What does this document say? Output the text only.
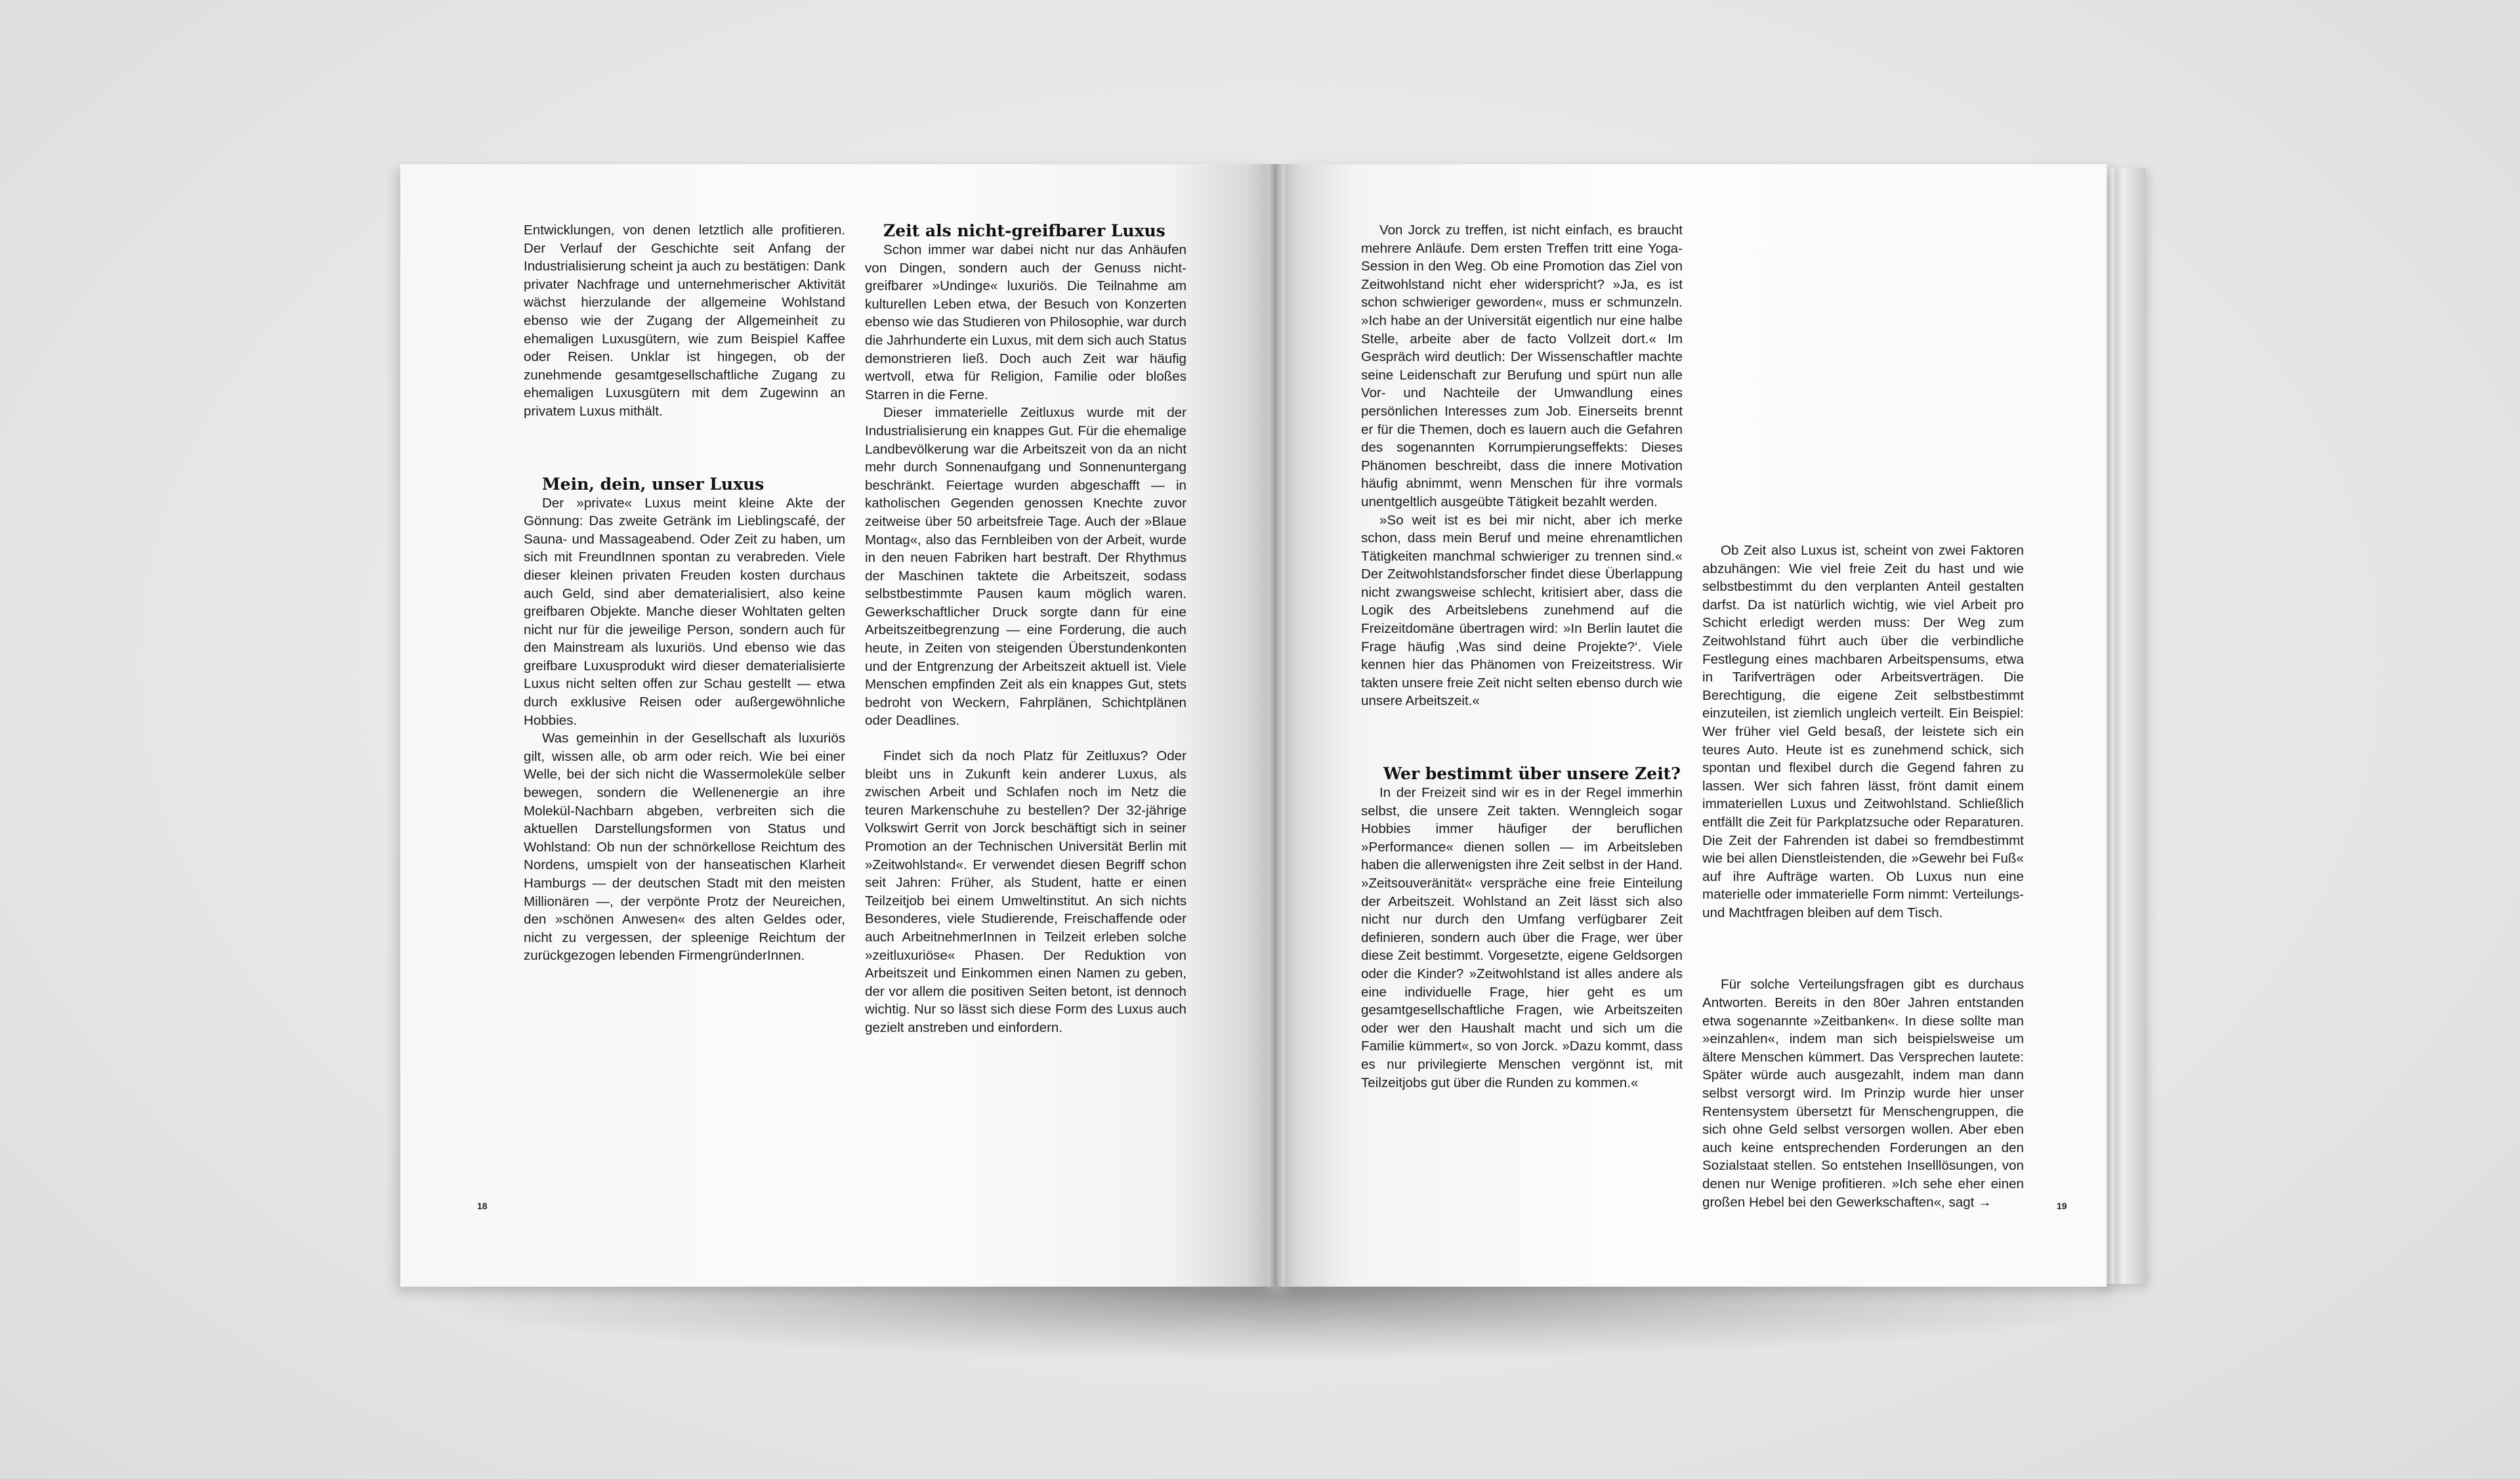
Entwicklungen, von denen letztlich alle profitieren. Der Verlauf der Geschichte seit Anfang der Industrialisierung scheint ja auch zu bestätigen: Dank privater Nachfrage und unternehmerischer Aktivität wächst hierzulande der allgemeine Wohlstand ebenso wie der Zugang der Allgemeinheit zu ehemaligen Luxusgütern, wie zum Beispiel Kaffee oder Reisen. Unklar ist hingegen, ob der zunehmende gesamtgesellschaftliche Zugang zu ehemaligen Luxusgütern mit dem Zugewinn an privatem Luxus mithält.

Mein, dein, unser Luxus

Der »private« Luxus meint kleine Akte der Gönnung: Das zweite Getränk im Lieblingscafé, der Sauna- und Massageabend. Oder Zeit zu haben, um sich mit FreundInnen spontan zu verabreden. Viele dieser kleinen privaten Freuden kosten durchaus auch Geld, sind aber dematerialisiert, also keine greifbaren Objekte. Manche dieser Wohltaten gelten nicht nur für die jeweilige Person, sondern auch für den Mainstream als luxuriös. Und ebenso wie das greifbare Luxusprodukt wird dieser dematerialisierte Luxus nicht selten offen zur Schau gestellt — etwa durch exklusive Reisen oder außergewöhnliche Hobbies.

Was gemeinhin in der Gesellschaft als luxuriös gilt, wissen alle, ob arm oder reich. Wie bei einer Welle, bei der sich nicht die Wassermoleküle selber bewegen, sondern die Wellenenergie an ihre Molekül-Nachbarn abgeben, verbreiten sich die aktuellen Darstellungsformen von Status und Wohlstand: Ob nun der schnörkellose Reichtum des Nordens, umspielt von der hanseatischen Klarheit Hamburgs — der deutschen Stadt mit den meisten Millionären —, der verpönte Protz der Neureichen, den »schönen Anwesen« des alten Geldes oder, nicht zu vergessen, der spleenige Reichtum der zurückgezogen lebenden FirmengründerInnen.

Zeit als nicht-greifbarer Luxus

Schon immer war dabei nicht nur das Anhäufen von Dingen, sondern auch der Genuss nicht-greifbarer »Undinge« luxuriös. Die Teilnahme am kulturellen Leben etwa, der Besuch von Konzerten ebenso wie das Studieren von Philosophie, war durch die Jahrhunderte ein Luxus, mit dem sich auch Status demonstrieren ließ. Doch auch Zeit war häufig wertvoll, etwa für Religion, Familie oder bloßes Starren in die Ferne.

Dieser immaterielle Zeitluxus wurde mit der Industrialisierung ein knappes Gut. Für die ehemalige Landbevölkerung war die Arbeitszeit von da an nicht mehr durch Sonnenaufgang und Sonnenuntergang beschränkt. Feiertage wurden abgeschafft — in katholischen Gegenden genossen Knechte zuvor zeitweise über 50 arbeitsfreie Tage. Auch der »Blaue Montag«, also das Fernbleiben von der Arbeit, wurde in den neuen Fabriken hart bestraft. Der Rhythmus der Maschinen taktete die Arbeitszeit, sodass selbstbestimmte Pausen kaum möglich waren. Gewerkschaftlicher Druck sorgte dann für eine Arbeitszeitbegrenzung — eine Forderung, die auch heute, in Zeiten von steigenden Überstundenkonten und der Entgrenzung der Arbeitszeit aktuell ist. Viele Menschen empfinden Zeit als ein knappes Gut, stets bedroht von Weckern, Fahrplänen, Schichtplänen oder Deadlines.

Findet sich da noch Platz für Zeitluxus? Oder bleibt uns in Zukunft kein anderer Luxus, als zwischen Arbeit und Schlafen noch im Netz die teuren Markenschuhe zu bestellen? Der 32-jährige Volkswirt Gerrit von Jorck beschäftigt sich in seiner Promotion an der Technischen Universität Berlin mit »Zeitwohlstand«. Er verwendet diesen Begriff schon seit Jahren: Früher, als Student, hatte er einen Teilzeitjob bei einem Umweltinstitut. An sich nichts Besonderes, viele Studierende, Freischaffende oder auch ArbeitnehmerInnen in Teilzeit erleben solche »zeitluxuriöse« Phasen. Der Reduktion von Arbeitszeit und Einkommen einen Namen zu geben, der vor allem die positiven Seiten betont, ist dennoch wichtig. Nur so lässt sich diese Form des Luxus auch gezielt anstreben und einfordern.

18

Von Jorck zu treffen, ist nicht einfach, es braucht mehrere Anläufe. Dem ersten Treffen tritt eine Yoga-Session in den Weg. Ob eine Promotion das Ziel von Zeitwohlstand nicht eher widerspricht? »Ja, es ist schon schwieriger geworden«, muss er schmunzeln. »Ich habe an der Universität eigentlich nur eine halbe Stelle, arbeite aber de facto Vollzeit dort.« Im Gespräch wird deutlich: Der Wissenschaftler machte seine Leidenschaft zur Berufung und spürt nun alle Vor- und Nachteile der Umwandlung eines persönlichen Interesses zum Job. Einerseits brennt er für die Themen, doch es lauern auch die Gefahren des sogenannten Korrumpierungseffekts: Dieses Phänomen beschreibt, dass die innere Motivation häufig abnimmt, wenn Menschen für ihre vormals unentgeltlich ausgeübte Tätigkeit bezahlt werden.

»So weit ist es bei mir nicht, aber ich merke schon, dass mein Beruf und meine ehrenamtlichen Tätigkeiten manchmal schwieriger zu trennen sind.« Der Zeitwohlstandsforscher findet diese Überlappung nicht zwangsweise schlecht, kritisiert aber, dass die Logik des Arbeitslebens zunehmend auf die Freizeitdomäne übertragen wird: »In Berlin lautet die Frage häufig ‚Was sind deine Projekte?‘. Viele kennen hier das Phänomen von Freizeitstress. Wir takten unsere freie Zeit nicht selten ebenso durch wie unsere Arbeitszeit.«

Wer bestimmt über unsere Zeit?

In der Freizeit sind wir es in der Regel immerhin selbst, die unsere Zeit takten. Wenngleich sogar Hobbies immer häufiger der beruflichen »Performance« dienen sollen — im Arbeitsleben haben die allerwenigsten ihre Zeit selbst in der Hand. »Zeitsouveränität« verspräche eine freie Einteilung der Arbeitszeit. Wohlstand an Zeit lässt sich also nicht nur durch den Umfang verfügbarer Zeit definieren, sondern auch über die Frage, wer über diese Zeit bestimmt. Vorgesetzte, eigene Geldsorgen oder die Kinder? »Zeitwohlstand ist alles andere als eine individuelle Frage, hier geht es um gesamtgesellschaftliche Fragen, wie Arbeitszeiten oder wer den Haushalt macht und sich um die Familie kümmert«, so von Jorck. »Dazu kommt, dass es nur privilegierte Menschen vergönnt ist, mit Teilzeitjobs gut über die Runden zu kommen.«

Ob Zeit also Luxus ist, scheint von zwei Faktoren abzuhängen: Wie viel freie Zeit du hast und wie selbstbestimmt du den verplanten Anteil gestalten darfst. Da ist natürlich wichtig, wie viel Arbeit pro Schicht erledigt werden muss: Der Weg zum Zeitwohlstand führt auch über die verbindliche Festlegung eines machbaren Arbeitspensums, etwa in Tarifverträgen oder Arbeitsverträgen. Die Berechtigung, die eigene Zeit selbstbestimmt einzuteilen, ist ziemlich ungleich verteilt. Ein Beispiel: Wer früher viel Geld besaß, der leistete sich ein teures Auto. Heute ist es zunehmend schick, sich spontan und flexibel durch die Gegend fahren zu lassen. Wer sich fahren lässt, frönt damit einem immateriellen Luxus und Zeitwohlstand. Schließlich entfällt die Zeit für Parkplatzsuche oder Reparaturen. Die Zeit der Fahrenden ist dabei so fremdbestimmt wie bei allen Dienstleistenden, die »Gewehr bei Fuß« auf ihre Aufträge warten. Ob Luxus nun eine materielle oder immaterielle Form nimmt: Verteilungs- und Machtfragen bleiben auf dem Tisch.

Für solche Verteilungsfragen gibt es durchaus Antworten. Bereits in den 80er Jahren entstanden etwa sogenannte »Zeitbanken«. In diese sollte man »einzahlen«, indem man sich beispielsweise um ältere Menschen kümmert. Das Versprechen lautete: Später würde auch ausgezahlt, indem man dann selbst versorgt wird. Im Prinzip wurde hier unser Rentensystem übersetzt für Menschengruppen, die sich ohne Geld selbst versorgen wollen. Aber eben auch keine entsprechenden Forderungen an den Sozialstaat stellen. So entstehen Inselllösungen, von denen nur Wenige profitieren. »Ich sehe eher einen großen Hebel bei den Gewerkschaften«, sagt →	19
